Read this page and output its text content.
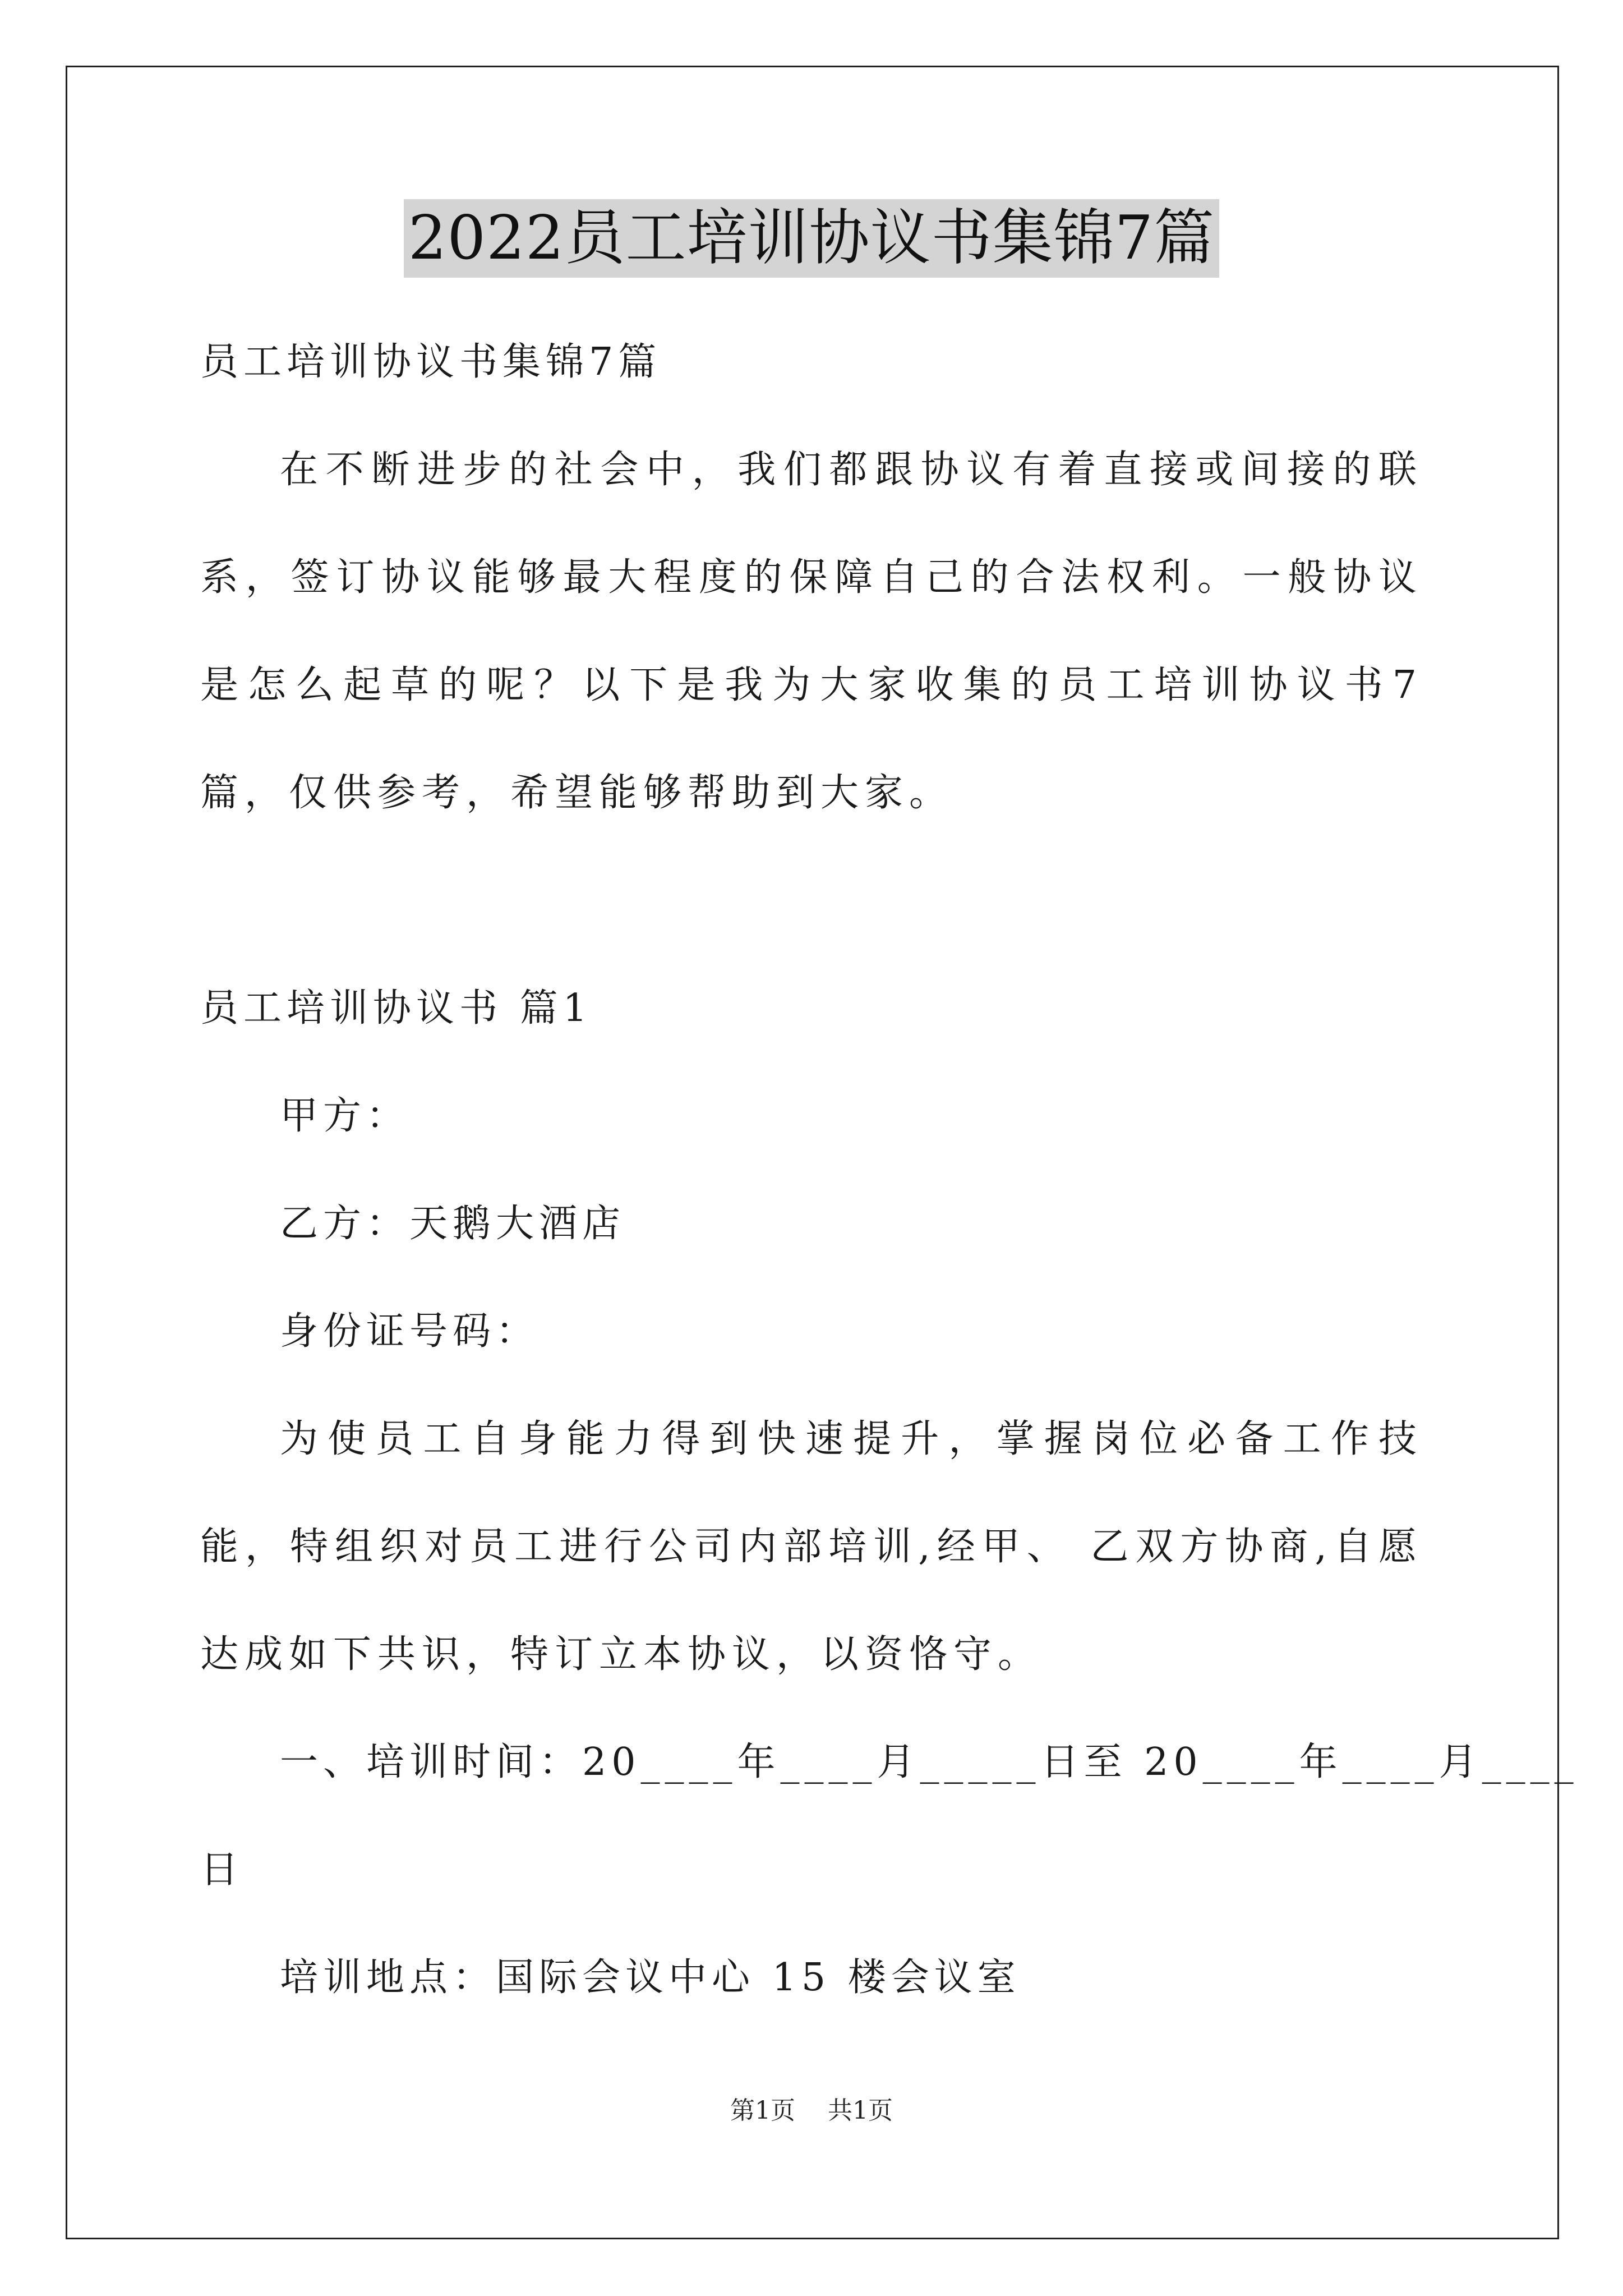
2022员工培训协议书集锦7篇

员工培训协议书集锦7篇

在不断进步的社会中，我们都跟协议有着直接或间接的联系，签订协议能够最大程度的保障自己的合法权利。一般协议是怎么起草的呢？以下是我为大家收集的员工培训协议书7篇，仅供参考，希望能够帮助到大家。

员工培训协议书 篇1

甲方：

乙方：天鹅大酒店

身份证号码：

为使员工自身能力得到快速提升，掌握岗位必备工作技能，特组织对员工进行公司内部培训,经甲、 乙双方协商,自愿达成如下共识，特订立本协议，以资恪守。

一、培训时间：20____年____月_____日至 20____年____月____

日

培训地点：国际会议中心 15 楼会议室

第1页 共1页
